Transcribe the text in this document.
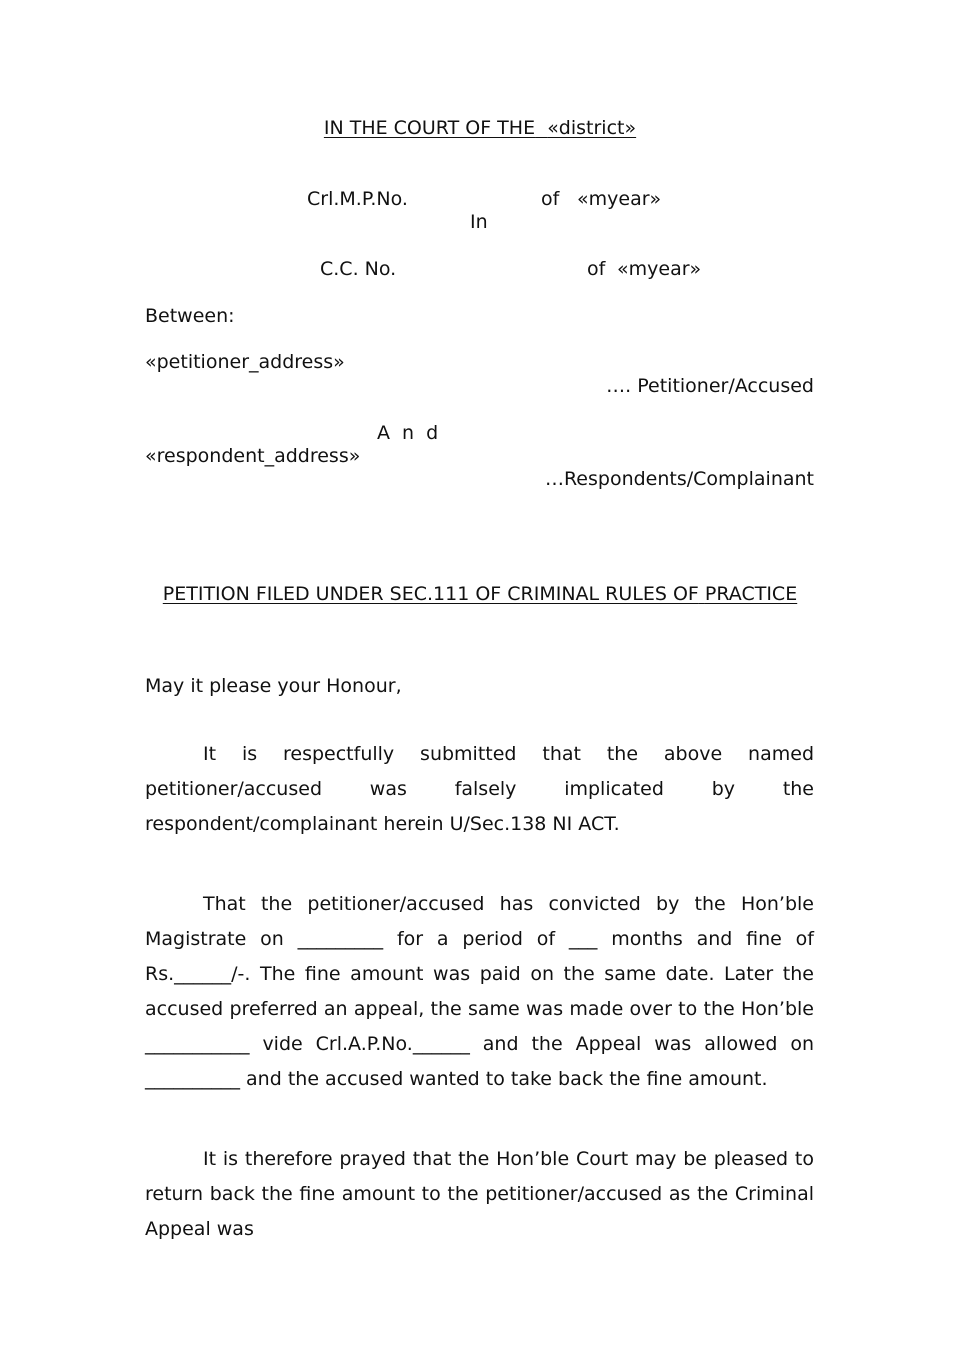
IN THE COURT OF THE «district»
Crl.M.P.No.	of «myear»
In
C.C. No.	of «myear»
Between:
«petitioner_address»
…. Petitioner/Accused
A n d
«respondent_address»
…Respondents/Complainant
PETITION FILED UNDER SEC.111 OF CRIMINAL RULES OF PRACTICE
May it please your Honour,

It is respectfully submitted that the above named petitioner/accused was falsely implicated by the respondent/complainant herein U/Sec.138 NI ACT.

That the petitioner/accused has convicted by the Hon’ble Magistrate on _________ for a period of ___ months and fine of Rs.______/-. The fine amount was paid on the same date. Later the accused preferred an appeal, the same was made over to the Hon’ble ___________ vide Crl.A.P.No.______ and the Appeal was allowed on __________ and the accused wanted to take back the fine amount.

It is therefore prayed that the Hon’ble Court may be pleased to return back the fine amount to the petitioner/accused as the Criminal Appeal was
